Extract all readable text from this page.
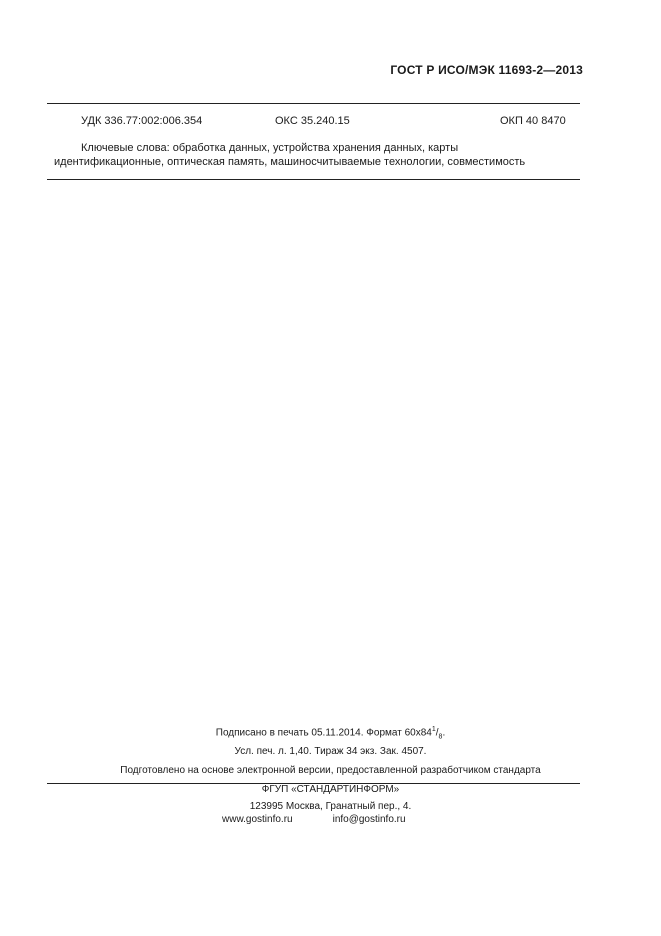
ГОСТ Р ИСО/МЭК 11693-2—2013
УДК 336.77:002:006.354	ОКС 35.240.15	ОКП 40 8470
Ключевые слова: обработка данных, устройства хранения данных, карты
идентификационные, оптическая память, машиносчитываемые технологии, совместимость
Подписано в печать 05.11.2014. Формат $60x84^1/_8$.
Усл. печ. л. 1,40. Тираж 34 экз. Зак. 4507.
Подготовлено на основе электронной версии, предоставленной разработчиком стандарта
ФГУП «СТАНДАРТИНФОРМ»
123995 Москва, Гранатный пер., 4.
www.gostinfo.ru	info@gostinfo.ru
